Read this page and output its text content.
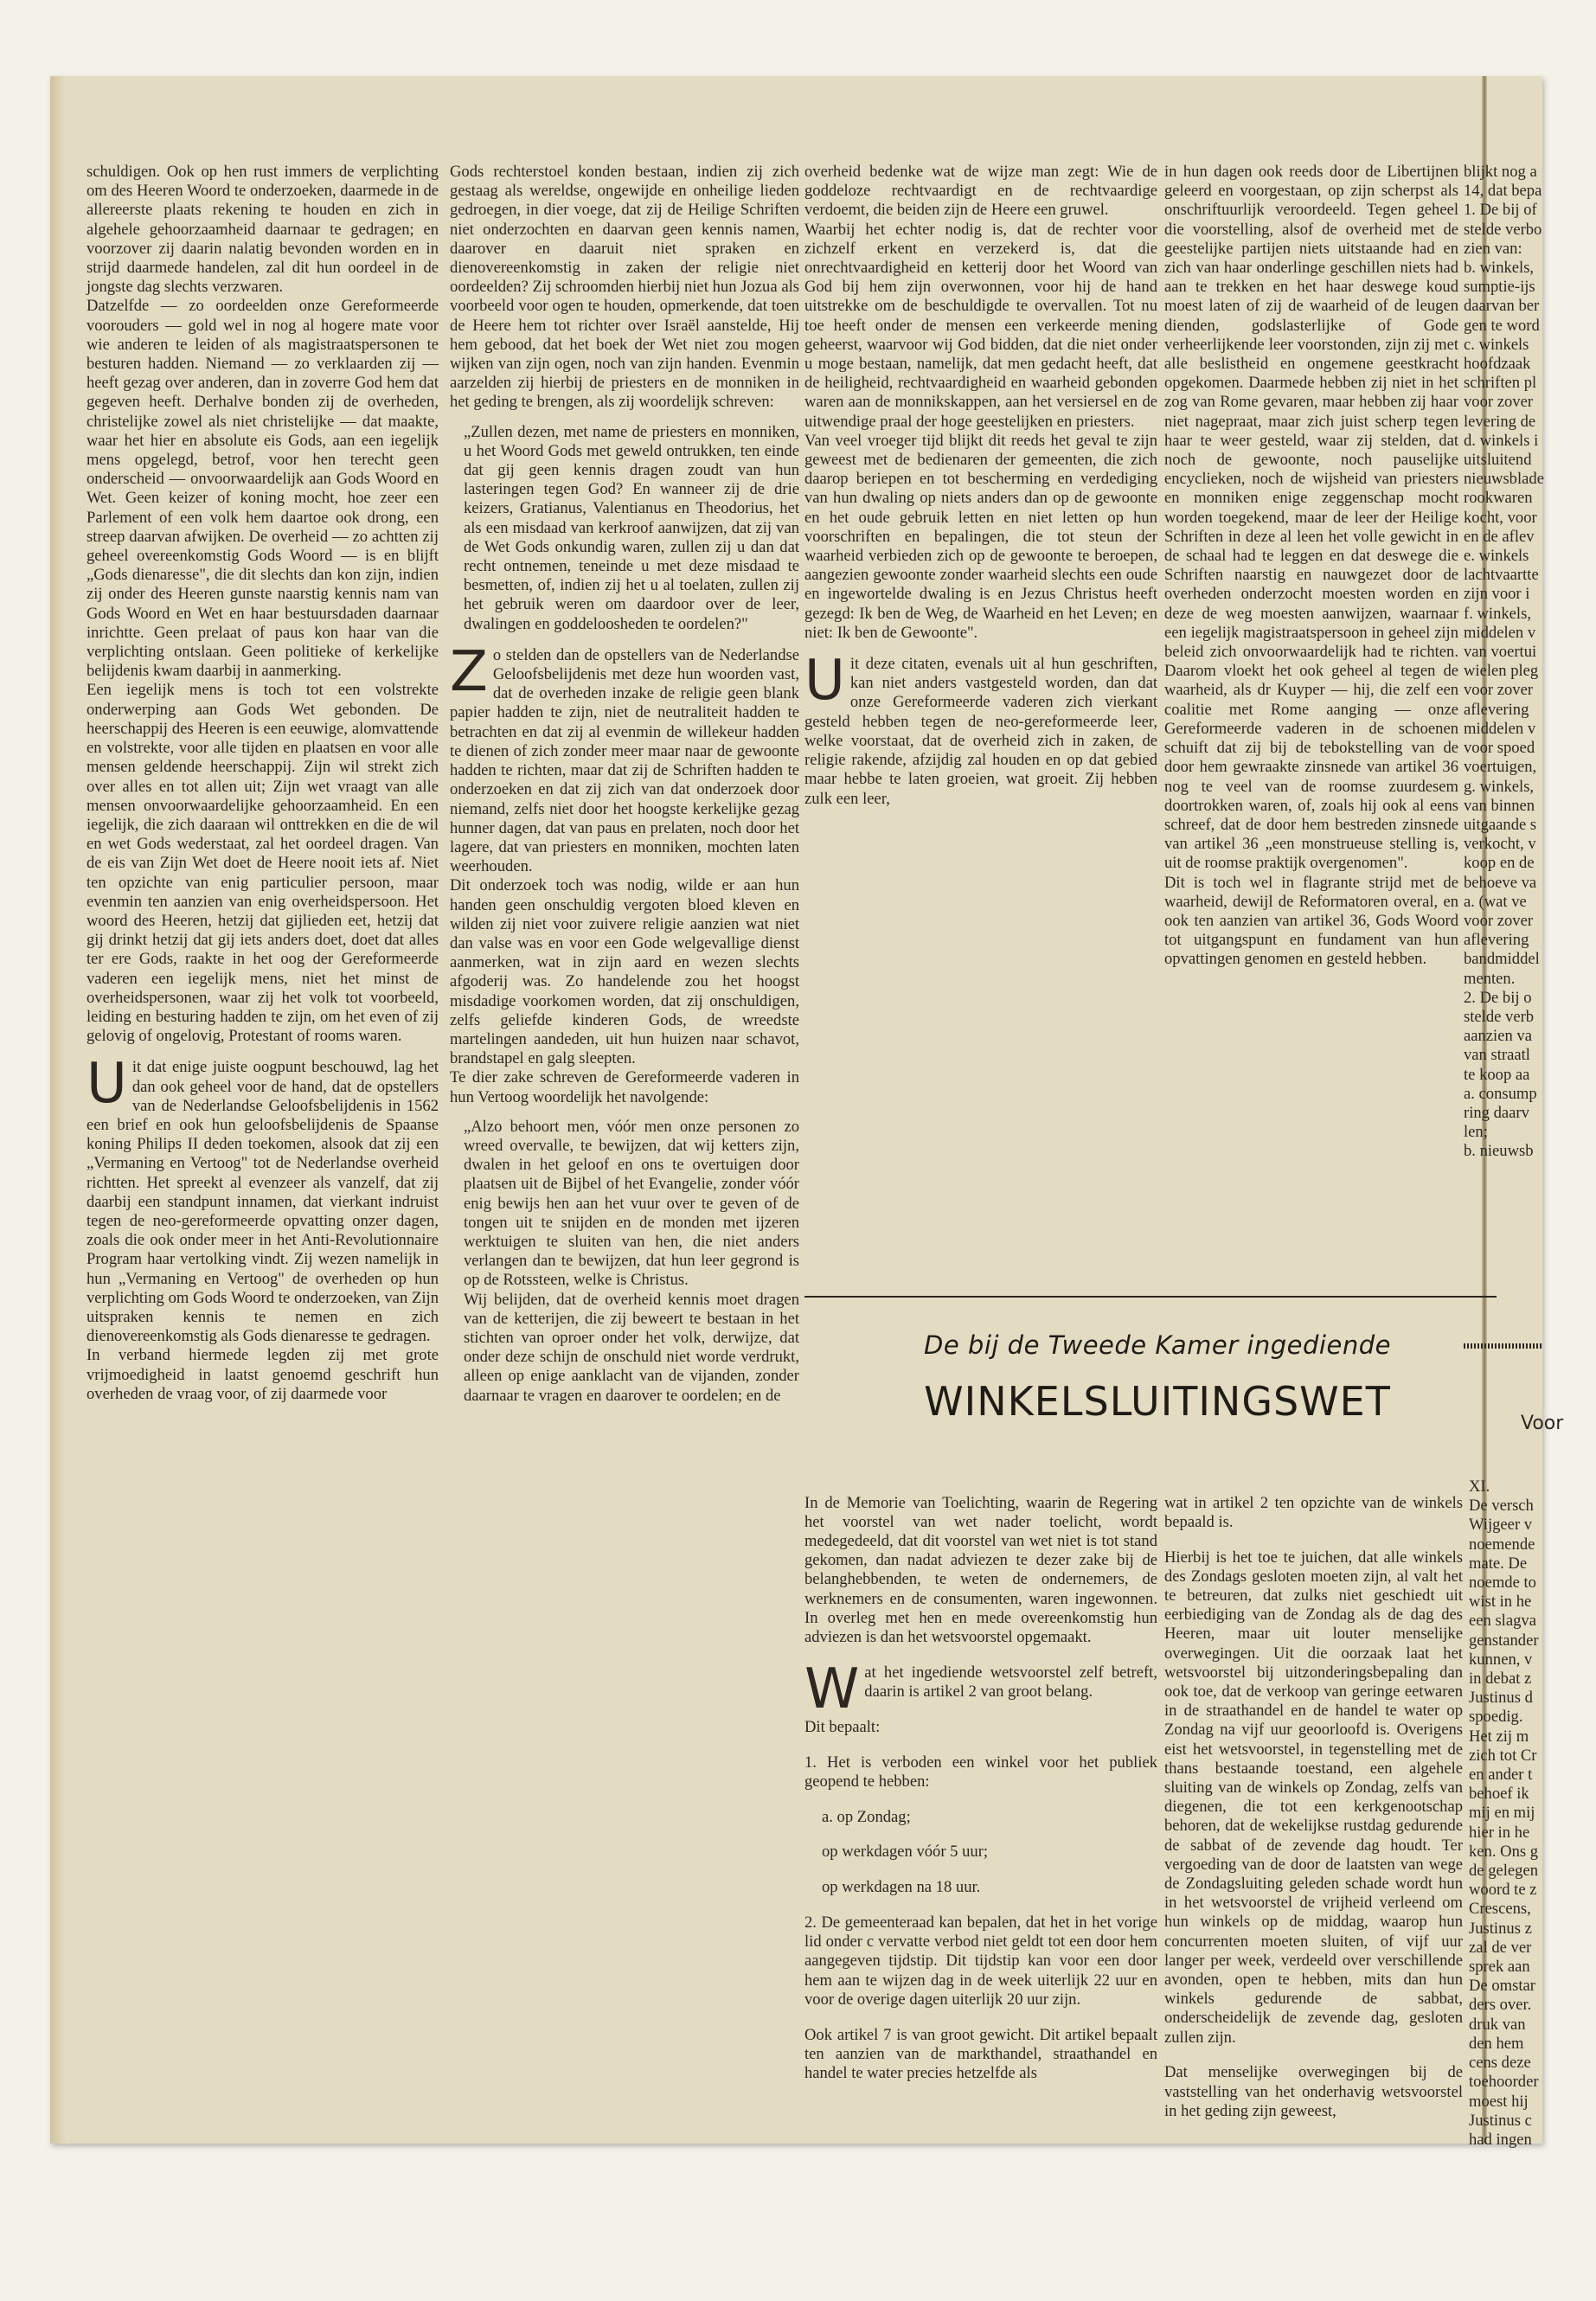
schuldigen. Ook op hen rust immers de verplichting om des Heeren Woord te onderzoeken, daarmede in de allereerste plaats rekening te houden en zich in algehele gehoorzaamheid daarnaar te gedragen; en voorzover zij daarin nalatig bevonden worden en in strijd daarmede handelen, zal dit hun oordeel in de jongste dag slechts verzwaren.

Datzelfde — zo oordeelden onze Gereformeerde voorouders — gold wel in nog al hogere mate voor wie anderen te leiden of als magistraatspersonen te besturen hadden. Niemand — zo verklaarden zij — heeft gezag over anderen, dan in zoverre God hem dat gegeven heeft. Derhalve bonden zij de overheden, christelijke zowel als niet christelijke — dat maakte, waar het hier en absolute eis Gods, aan een iegelijk mens opgelegd, betrof, voor hen terecht geen onderscheid — onvoorwaardelijk aan Gods Woord en Wet. Geen keizer of koning mocht, hoe zeer een Parlement of een volk hem daartoe ook drong, een streep daarvan afwijken. De overheid — zo achtten zij geheel overeenkomstig Gods Woord — is en blijft „Gods dienaresse", die dit slechts dan kon zijn, indien zij onder des Heeren gunste naarstig kennis nam van Gods Woord en Wet en haar bestuursdaden daarnaar inrichtte. Geen prelaat of paus kon haar van die verplichting ontslaan. Geen politieke of kerkelijke belijdenis kwam daarbij in aanmerking.

Een iegelijk mens is toch tot een volstrekte onderwerping aan Gods Wet gebonden. De heerschappij des Heeren is een eeuwige, alomvattende en volstrekte, voor alle tijden en plaatsen en voor alle mensen geldende heerschappij. Zijn wil strekt zich over alles en tot allen uit; Zijn wet vraagt van alle mensen onvoorwaardelijke gehoorzaamheid. En een iegelijk, die zich daaraan wil onttrekken en die de wil en wet Gods wederstaat, zal het oordeel dragen. Van de eis van Zijn Wet doet de Heere nooit iets af. Niet ten opzichte van enig particulier persoon, maar evenmin ten aanzien van enig overheidspersoon. Het woord des Heeren, hetzij dat gijlieden eet, hetzij dat gij drinkt hetzij dat gij iets anders doet, doet dat alles ter ere Gods, raakte in het oog der Gereformeerde vaderen een iegelijk mens, niet het minst de overheidspersonen, waar zij het volk tot voorbeeld, leiding en besturing hadden te zijn, om het even of zij gelovig of ongelovig, Protestant of rooms waren.

U it dat enige juiste oogpunt beschouwd, lag het dan ook geheel voor de hand, dat de opstellers van de Nederlandse Geloofsbelijdenis in 1562 een brief en ook hun geloofsbelijdenis de Spaanse koning Philips II deden toekomen, alsook dat zij een „Vermaning en Vertoog" tot de Nederlandse overheid richtten. Het spreekt al evenzeer als vanzelf, dat zij daarbij een standpunt innamen, dat vierkant indruist tegen de neo-gereformeerde opvatting onzer dagen, zoals die ook onder meer in het Anti-Revolutionnaire Program haar vertolking vindt. Zij wezen namelijk in hun „Vermaning en Vertoog" de overheden op hun verplichting om Gods Woord te onderzoeken, van Zijn uitspraken kennis te nemen en zich dienovereenkomstig als Gods dienaresse te gedragen.

In verband hiermede legden zij met grote vrijmoedigheid in laatst genoemd geschrift hun overheden de vraag voor, of zij daarmede voor

Gods rechterstoel konden bestaan, indien zij zich gestaag als wereldse, ongewijde en onheilige lieden gedroegen, in dier voege, dat zij de Heilige Schriften niet onderzochten en daarvan geen kennis namen, daarover en daaruit niet spraken en dienovereenkomstig in zaken der religie niet oordeelden? Zij schroomden hierbij niet hun Jozua als voorbeeld voor ogen te houden, opmerkende, dat toen de Heere hem tot richter over Israël aanstelde, Hij hem gebood, dat het boek der Wet niet zou mogen wijken van zijn ogen, noch van zijn handen. Evenmin aarzelden zij hierbij de priesters en de monniken in het geding te brengen, als zij woordelijk schreven:

„Zullen dezen, met name de priesters en monniken, u het Woord Gods met geweld ontrukken, ten einde dat gij geen kennis dragen zoudt van hun lasteringen tegen God? En wanneer zij de drie keizers, Gratianus, Valentianus en Theodorius, het als een misdaad van kerkroof aanwijzen, dat zij van de Wet Gods onkundig waren, zullen zij u dan dat recht ontnemen, teneinde u met deze misdaad te besmetten, of, indien zij het u al toelaten, zullen zij het gebruik weren om daardoor over de leer, dwalingen en goddeloosheden te oordelen?"

Z o stelden dan de opstellers van de Nederlandse Geloofsbelijdenis met deze hun woorden vast, dat de overheden inzake de religie geen blank papier hadden te zijn, niet de neutraliteit hadden te betrachten en dat zij al evenmin de willekeur hadden te dienen of zich zonder meer maar naar de gewoonte hadden te richten, maar dat zij de Schriften hadden te onderzoeken en dat zij zich van dat onderzoek door niemand, zelfs niet door het hoogste kerkelijke gezag hunner dagen, dat van paus en prelaten, noch door het lagere, dat van priesters en monniken, mochten laten weerhouden.

Dit onderzoek toch was nodig, wilde er aan hun handen geen onschuldig vergoten bloed kleven en wilden zij niet voor zuivere religie aanzien wat niet dan valse was en voor een Gode welgevallige dienst aanmerken, wat in zijn aard en wezen slechts afgoderij was. Zo handelende zou het hoogst misdadige voorkomen worden, dat zij onschuldigen, zelfs geliefde kinderen Gods, de wreedste martelingen aandeden, uit hun huizen naar schavot, brandstapel en galg sleepten.

Te dier zake schreven de Gereformeerde vaderen in hun Vertoog woordelijk het navolgende:

„Alzo behoort men, vóór men onze personen zo wreed overvalle, te bewijzen, dat wij ketters zijn, dwalen in het geloof en ons te overtuigen door plaatsen uit de Bijbel of het Evangelie, zonder vóór enig bewijs hen aan het vuur over te geven of de tongen uit te snijden en de monden met ijzeren werktuigen te sluiten van hen, die niet anders verlangen dan te bewijzen, dat hun leer gegrond is op de Rotssteen, welke is Christus.

Wij belijden, dat de overheid kennis moet dragen van de ketterijen, die zij beweert te bestaan in het stichten van oproer onder het volk, derwijze, dat onder deze schijn de onschuld niet worde verdrukt, alleen op enige aanklacht van de vijanden, zonder daarnaar te vragen en daarover te oordelen; en de

overheid bedenke wat de wijze man zegt: Wie de goddeloze rechtvaardigt en de rechtvaardige verdoemt, die beiden zijn de Heere een gruwel.

Waarbij het echter nodig is, dat de rechter voor zichzelf erkent en verzekerd is, dat die onrechtvaardigheid en ketterij door het Woord van God bij hem zijn overwonnen, voor hij de hand uitstrekke om de beschuldigde te overvallen. Tot nu toe heeft onder de mensen een verkeerde mening geheerst, waarvoor wij God bidden, dat die niet onder u moge bestaan, namelijk, dat men gedacht heeft, dat de heiligheid, rechtvaardigheid en waarheid gebonden waren aan de monnikskappen, aan het versiersel en de uitwendige praal der hoge geestelijken en priesters.

Van veel vroeger tijd blijkt dit reeds het geval te zijn geweest met de bedienaren der gemeenten, die zich daarop beriepen en tot bescherming en verdediging van hun dwaling op niets anders dan op de gewoonte en het oude gebruik letten en niet letten op hun voorschriften en bepalingen, die tot steun der waarheid verbieden zich op de gewoonte te beroepen, aangezien gewoonte zonder waarheid slechts een oude en ingewortelde dwaling is en Jezus Christus heeft gezegd: Ik ben de Weg, de Waarheid en het Leven; en niet: Ik ben de Gewoonte".

U it deze citaten, evenals uit al hun geschriften, kan niet anders vastgesteld worden, dan dat onze Gereformeerde vaderen zich vierkant gesteld hebben tegen de neo-gereformeerde leer, welke voorstaat, dat de overheid zich in zaken, de religie rakende, afzijdig zal houden en op dat gebied maar hebbe te laten groeien, wat groeit. Zij hebben zulk een leer,

in hun dagen ook reeds door de Libertijnen geleerd en voorgestaan, op zijn scherpst als onschriftuurlijk veroordeeld. Tegen geheel die voorstelling, alsof de overheid met de geestelijke partijen niets uitstaande had en zich van haar onderlinge geschillen niets had aan te trekken en het haar deswege koud moest laten of zij de waarheid of de leugen dienden, godslasterlijke of Gode verheerlijkende leer voorstonden, zijn zij met alle beslistheid en ongemene geestkracht opgekomen. Daarmede hebben zij niet in het zog van Rome gevaren, maar hebben zij haar niet nagepraat, maar zich juist scherp tegen haar te weer gesteld, waar zij stelden, dat noch de gewoonte, noch pauselijke encyclieken, noch de wijsheid van priesters en monniken enige zeggenschap mocht worden toegekend, maar de leer der Heilige Schriften in deze al leen het volle gewicht in de schaal had te leggen en dat deswege die Schriften naarstig en nauwgezet door de overheden onderzocht moesten worden en deze de weg moesten aanwijzen, waarnaar een iegelijk magistraatspersoon in geheel zijn beleid zich onvoorwaardelijk had te richten. Daarom vloekt het ook geheel al tegen de waarheid, als dr Kuyper — hij, die zelf een coalitie met Rome aanging — onze Gereformeerde vaderen in de schoenen schuift dat zij bij de tebokstelling van de door hem gewraakte zinsnede van artikel 36 nog te veel van de roomse zuurdesem doortrokken waren, of, zoals hij ook al eens schreef, dat de door hem bestreden zinsnede van artikel 36 „een monstrueuse stelling is, uit de roomse praktijk overgenomen".

Dit is toch wel in flagrante strijd met de waarheid, dewijl de Reformatoren overal, en ook ten aanzien van artikel 36, Gods Woord tot uitgangspunt en fundament van hun opvattingen genomen en gesteld hebben.

blijkt nog a
14, dat bepa
1. De bij of
stelde verbo
zien van:
b. winkels,
sumptie-ijs
daarvan ber
gen te word
c. winkels
hoofdzaak
schriften pl
voor zover
levering de
d. winkels i
uitsluitend
nieuwsblade
rookwaren
kocht, voor
en de aflev
e. winkels
lachtvaartte
zijn voor i
f. winkels,
middelen v
van voertui
wielen pleg
voor zover
aflevering
middelen v
voor spoed
voertuigen,
g. winkels,
van binnen
uitgaande s
verkocht, v
koop en de
behoeve va
a. (wat ve
voor zover
aflevering
bandmiddel
menten.
2. De bij o
stelde verb
aanzien va
van straatl
te koop aa
a. consump
ring daarv
len;
b. nieuwsb
De bij de Tweede Kamer ingediende
WINKELSLUITINGSWET	Voor

In de Memorie van Toelichting, waarin de Regering het voorstel van wet nader toelicht, wordt medegedeeld, dat dit voorstel van wet niet is tot stand gekomen, dan nadat adviezen te dezer zake bij de belanghebbenden, te weten de ondernemers, de werknemers en de consumenten, waren ingewonnen. In overleg met hen en mede overeenkomstig hun adviezen is dan het wetsvoorstel opgemaakt.

W at het ingediende wetsvoorstel zelf betreft, daarin is artikel 2 van groot belang.

Dit bepaalt:

1. Het is verboden een winkel voor het publiek geopend te hebben:

a. op Zondag;

op werkdagen vóór 5 uur;

op werkdagen na 18 uur.

2. De gemeenteraad kan bepalen, dat het in het vorige lid onder c vervatte verbod niet geldt tot een door hem aangegeven tijdstip. Dit tijdstip kan voor een door hem aan te wijzen dag in de week uiterlijk 22 uur en voor de overige dagen uiterlijk 20 uur zijn.

Ook artikel 7 is van groot gewicht. Dit artikel bepaalt ten aanzien van de markthandel, straathandel en handel te water precies hetzelfde als

wat in artikel 2 ten opzichte van de winkels bepaald is.

Hierbij is het toe te juichen, dat alle winkels des Zondags gesloten moeten zijn, al valt het te betreuren, dat zulks niet geschiedt uit eerbiediging van de Zondag als de dag des Heeren, maar uit louter menselijke overwegingen. Uit die oorzaak laat het wetsvoorstel bij uitzonderingsbepaling dan ook toe, dat de verkoop van geringe eetwaren in de straathandel en de handel te water op Zondag na vijf uur geoorloofd is. Overigens eist het wetsvoorstel, in tegenstelling met de thans bestaande toestand, een algehele sluiting van de winkels op Zondag, zelfs van diegenen, die tot een kerkgenootschap behoren, dat de wekelijkse rustdag gedurende de sabbat of de zevende dag houdt. Ter vergoeding van de door de laatsten van wege de Zondagsluiting geleden schade wordt hun in het wetsvoorstel de vrijheid verleend om hun winkels op de middag, waarop hun concurrenten moeten sluiten, of vijf uur langer per week, verdeeld over verschillende avonden, open te hebben, mits dan hun winkels gedurende de sabbat, onderscheidelijk de zevende dag, gesloten zullen zijn.

Dat menselijke overwegingen bij de vaststelling van het onderhavig wetsvoorstel in het geding zijn geweest,

XI.
De versch
Wijgeer v
noemende
mate. De
noemde to
wist in he
een slagva
genstander
kunnen, v
in debat z
Justinus d
spoedig.
Het zij m
zich tot Cr
en ander t
behoef ik
mij en mij
hier in he
ken. Ons g
de gelegen
woord te z
Crescens,
Justinus z
zal de ver
sprek aan
De omstar
ders over.
druk van
den hem
cens deze
toehoorder
moest hij
Justinus c
had ingen
